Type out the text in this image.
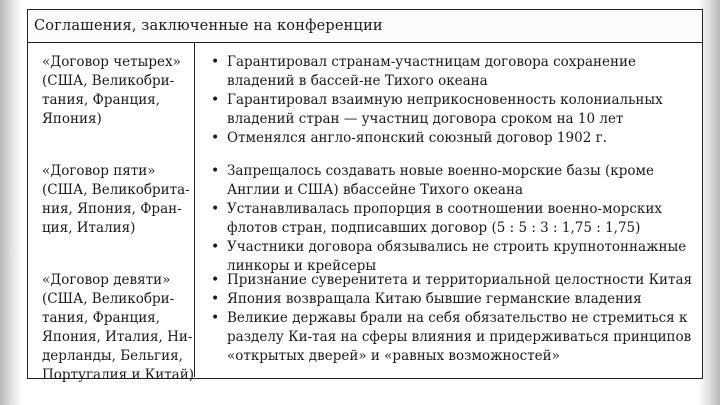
Соглашения, заключенные на конференции
«Договор четырех»
(США, Великобри-
тания, Франция,
Япония)
• Гарантировал странам-участницам договора сохранение владений в бассей-не Тихого океана
• Гарантировал взаимную неприкосновенность колониальных владений стран — участниц договора сроком на 10 лет
• Отменялся англо-японский союзный договор 1902 г.
«Договор пяти»
(США, Великобрита-
ния, Япония, Фран-
ция, Италия)
• Запрещалось создавать новые военно-морские базы (кроме Англии и США) вбассейне Тихого океана
• Устанавливалась пропорция в соотношении военно-морских флотов стран, подписавших договор (5 : 5 : 3 : 1,75 : 1,75)
• Участники договора обязывались не строить крупнотоннажные линкоры и крейсеры
«Договор девяти»
(США, Великобри-
тания, Франция,
Япония, Италия, Ни-
дерланды, Бельгия,
Португалия и Китай)
• Признание суверенитета и территориальной целостности Китая
• Япония возвращала Китаю бывшие германские владения
• Великие державы брали на себя обязательство не стремиться к разделу Ки-тая на сферы влияния и придерживаться принципов «открытых дверей» и «равных возможностей»
